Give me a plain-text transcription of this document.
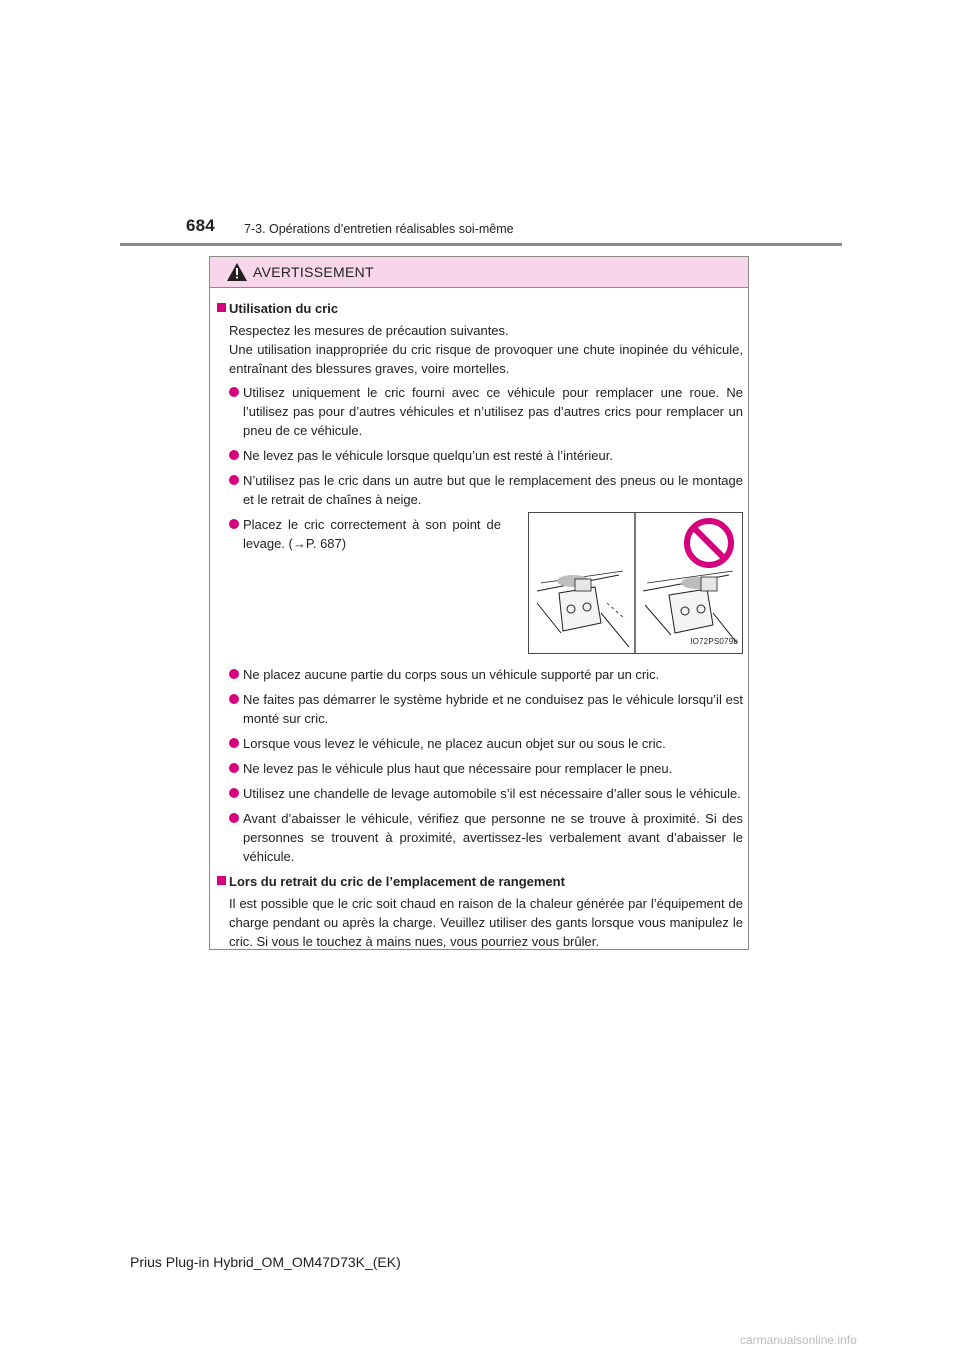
684 7-3. Opérations d’entretien réalisables soi-même
AVERTISSEMENT
Utilisation du cric
Respectez les mesures de précaution suivantes.
Une utilisation inappropriée du cric risque de provoquer une chute inopinée du véhicule, entraînant des blessures graves, voire mortelles.
Utilisez uniquement le cric fourni avec ce véhicule pour remplacer une roue. Ne l’utilisez pas pour d’autres véhicules et n’utilisez pas d’autres crics pour remplacer un pneu de ce véhicule.
Ne levez pas le véhicule lorsque quelqu’un est resté à l’intérieur.
N’utilisez pas le cric dans un autre but que le remplacement des pneus ou le montage et le retrait de chaînes à neige.
Placez le cric correctement à son point de levage. (→P. 687)
IO72PS079b
Ne placez aucune partie du corps sous un véhicule supporté par un cric.
Ne faites pas démarrer le système hybride et ne conduisez pas le véhicule lorsqu’il est monté sur cric.
Lorsque vous levez le véhicule, ne placez aucun objet sur ou sous le cric.
Ne levez pas le véhicule plus haut que nécessaire pour remplacer le pneu.
Utilisez une chandelle de levage automobile s’il est nécessaire d’aller sous le véhicule.
Avant d’abaisser le véhicule, vérifiez que personne ne se trouve à proximité. Si des personnes se trouvent à proximité, avertissez-les verbalement avant d’abaisser le véhicule.
Lors du retrait du cric de l’emplacement de rangement
Il est possible que le cric soit chaud en raison de la chaleur générée par l’équipement de charge pendant ou après la charge. Veuillez utiliser des gants lorsque vous manipulez le cric. Si vous le touchez à mains nues, vous pourriez vous brûler.
Prius Plug-in Hybrid_OM_OM47D73K_(EK)
carmanualsonline.info
